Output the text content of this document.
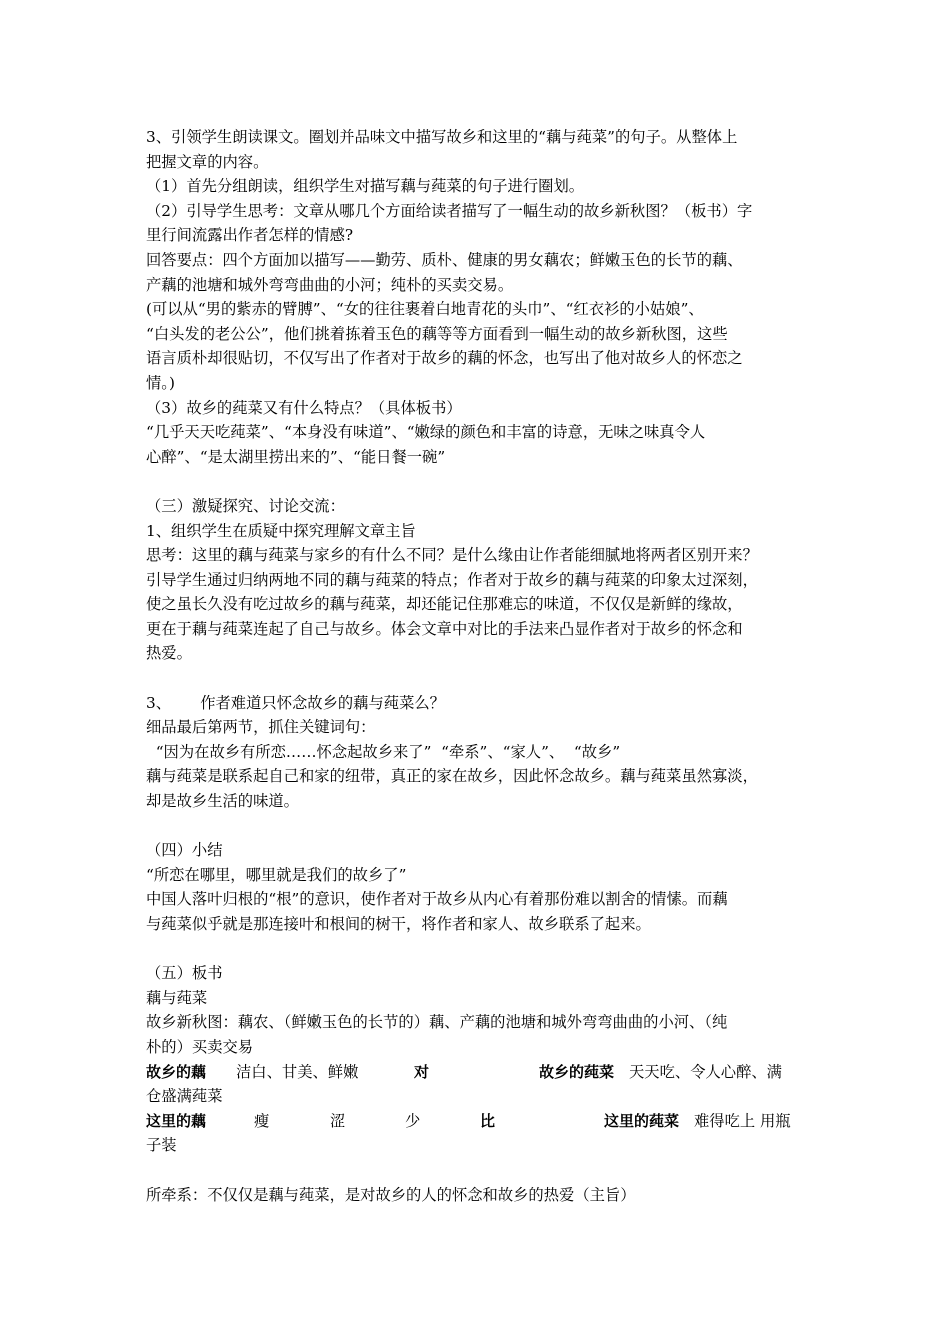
3、引领学生朗读课文。圈划并品味文中描写故乡和这里的“藕与莼菜”的句子。从整体上

把握文章的内容。

（1）首先分组朗读，组织学生对描写藕与莼菜的句子进行圈划。

（2）引导学生思考：文章从哪几个方面给读者描写了一幅生动的故乡新秋图？（板书）字

里行间流露出作者怎样的情感?

回答要点：四个方面加以描写——勤劳、质朴、健康的男女藕农；鲜嫩玉色的长节的藕、

产藕的池塘和城外弯弯曲曲的小河；纯朴的买卖交易。

(可以从“男的紫赤的臂膊”、“女的往往裹着白地青花的头巾”、“红衣衫的小姑娘”、

“白头发的老公公”，他们挑着拣着玉色的藕等等方面看到一幅生动的故乡新秋图，这些

语言质朴却很贴切，不仅写出了作者对于故乡的藕的怀念，也写出了他对故乡人的怀恋之

情。)

（3）故乡的莼菜又有什么特点？（具体板书）

“几乎天天吃莼菜”、“本身没有味道”、“嫩绿的颜色和丰富的诗意，无味之味真令人

心醉”、“是太湖里捞出来的”、“能日餐一碗”

（三）激疑探究、讨论交流：

1、组织学生在质疑中探究理解文章主旨

思考：这里的藕与莼菜与家乡的有什么不同？是什么缘由让作者能细腻地将两者区别开来？

引导学生通过归纳两地不同的藕与莼菜的特点；作者对于故乡的藕与莼菜的印象太过深刻，

使之虽长久没有吃过故乡的藕与莼菜，却还能记住那难忘的味道，不仅仅是新鲜的缘故，

更在于藕与莼菜连起了自己与故乡。体会文章中对比的手法来凸显作者对于故乡的怀念和

热爱。

3、      作者难道只怀念故乡的藕与莼菜么？

细品最后第两节，抓住关键词句：

“因为在故乡有所恋……怀念起故乡来了”  “牵系”、“家人”、  “故乡”

藕与莼菜是联系起自己和家的纽带，真正的家在故乡，因此怀念故乡。藕与莼菜虽然寡淡，

却是故乡生活的味道。

（四）小结

“所恋在哪里，哪里就是我们的故乡了”

中国人落叶归根的“根”的意识，使作者对于故乡从内心有着那份难以割舍的情愫。而藕

与莼菜似乎就是那连接叶和根间的树干，将作者和家人、故乡联系了起来。

（五）板书

藕与莼菜

故乡新秋图：藕农、（鲜嫩玉色的长节的）藕、产藕的池塘和城外弯弯曲曲的小河、（纯

朴的）买卖交易

故乡的藕 洁白、甘美、鲜嫩	对	故乡的莼菜 天天吃、令人心醉、满

仓盛满莼菜

这里的藕	瘦	涩	少	比	这里的莼菜 难得吃上 用瓶

子装

所牵系：不仅仅是藕与莼菜，是对故乡的人的怀念和故乡的热爱（主旨）
